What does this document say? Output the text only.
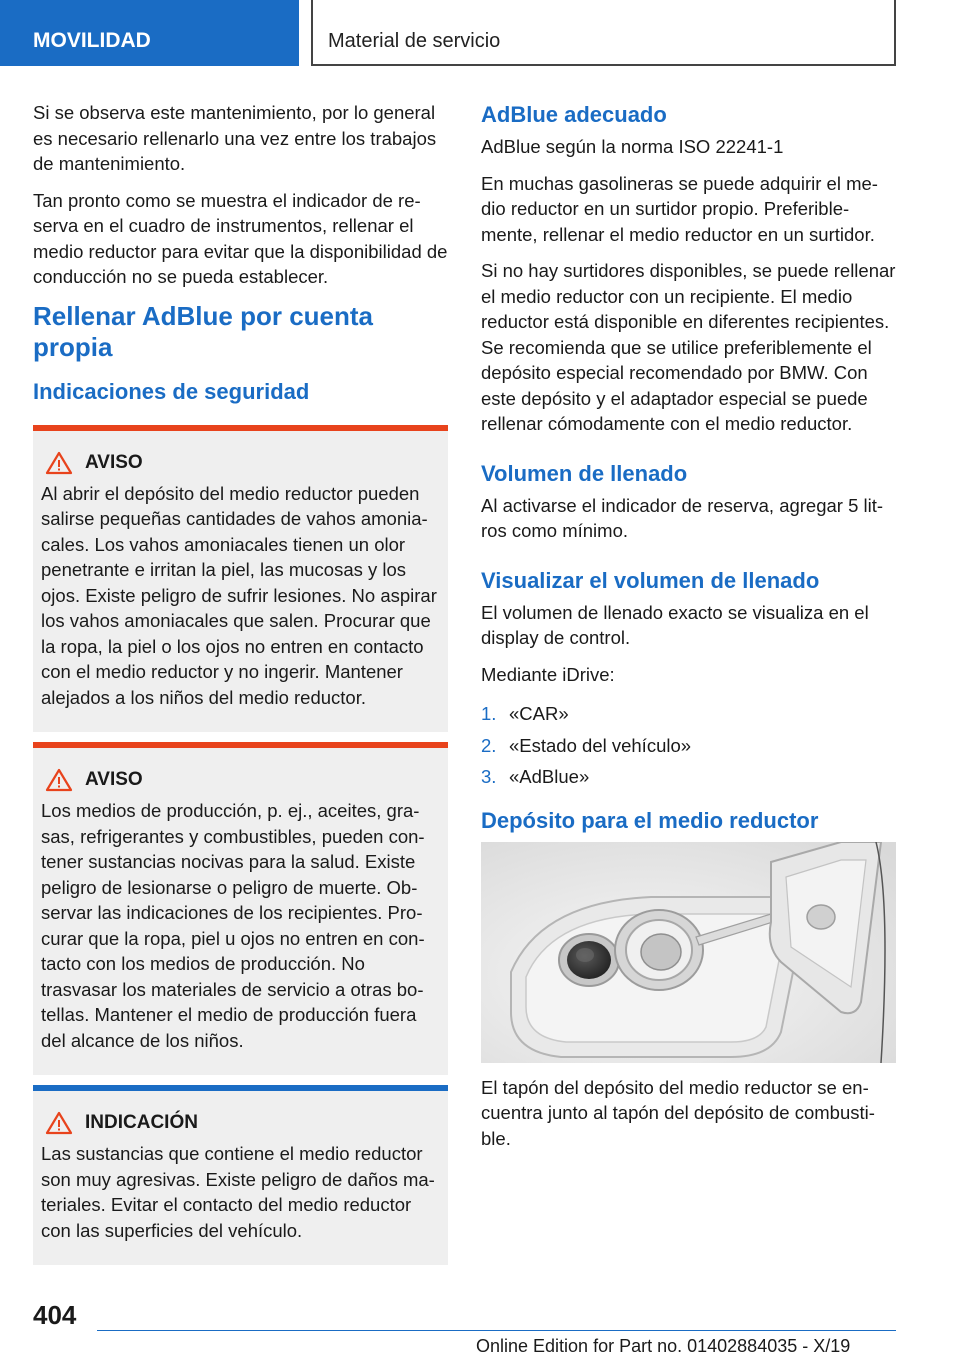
MOVILIDAD	Material de servicio

Si se observa este mantenimiento, por lo general es necesario rellenarlo una vez entre los trabajos de mantenimiento.

Tan pronto como se muestra el indicador de reserva en el cuadro de instrumentos, rellenar el medio reductor para evitar que la disponibilidad de conducción no se pueda establecer.

Rellenar AdBlue por cuenta propia
Indicaciones de seguridad
AVISO

Al abrir el depósito del medio reductor pueden salirse pequeñas cantidades de vahos amoniacales. Los vahos amoniacales tienen un olor penetrante e irritan la piel, las mucosas y los ojos. Existe peligro de sufrir lesiones. No aspirar los vahos amoniacales que salen. Procurar que la ropa, la piel o los ojos no entren en contacto con el medio reductor y no ingerir. Mantener alejados a los niños del medio reductor.

AVISO

Los medios de producción, p. ej., aceites, grasas, refrigerantes y combustibles, pueden contener sustancias nocivas para la salud. Existe peligro de lesionarse o peligro de muerte. Observar las indicaciones de los recipientes. Procurar que la ropa, piel u ojos no entren en contacto con los medios de producción. No trasvasar los materiales de servicio a otras botellas. Mantener el medio de producción fuera del alcance de los niños.

INDICACIÓN

Las sustancias que contiene el medio reductor son muy agresivas. Existe peligro de daños materiales. Evitar el contacto del medio reductor con las superficies del vehículo.

AdBlue adecuado

AdBlue según la norma ISO 22241‑1

En muchas gasolineras se puede adquirir el medio reductor en un surtidor propio. Preferiblemente, rellenar el medio reductor en un surtidor.

Si no hay surtidores disponibles, se puede rellenar el medio reductor con un recipiente. El medio reductor está disponible en diferentes recipientes. Se recomienda que se utilice preferiblemente el depósito especial recomendado por BMW. Con este depósito y el adaptador especial se puede rellenar cómodamente con el medio reductor.

Volumen de llenado

Al activarse el indicador de reserva, agregar 5 litros como mínimo.

Visualizar el volumen de llenado

El volumen de llenado exacto se visualiza en el display de control.

Mediante iDrive:

1. «CAR»
2. «Estado del vehículo»
3. «AdBlue»
Depósito para el medio reductor

El tapón del depósito del medio reductor se encuentra junto al tapón del depósito de combustible.

404
Online Edition for Part no. 01402884035 - X/19
